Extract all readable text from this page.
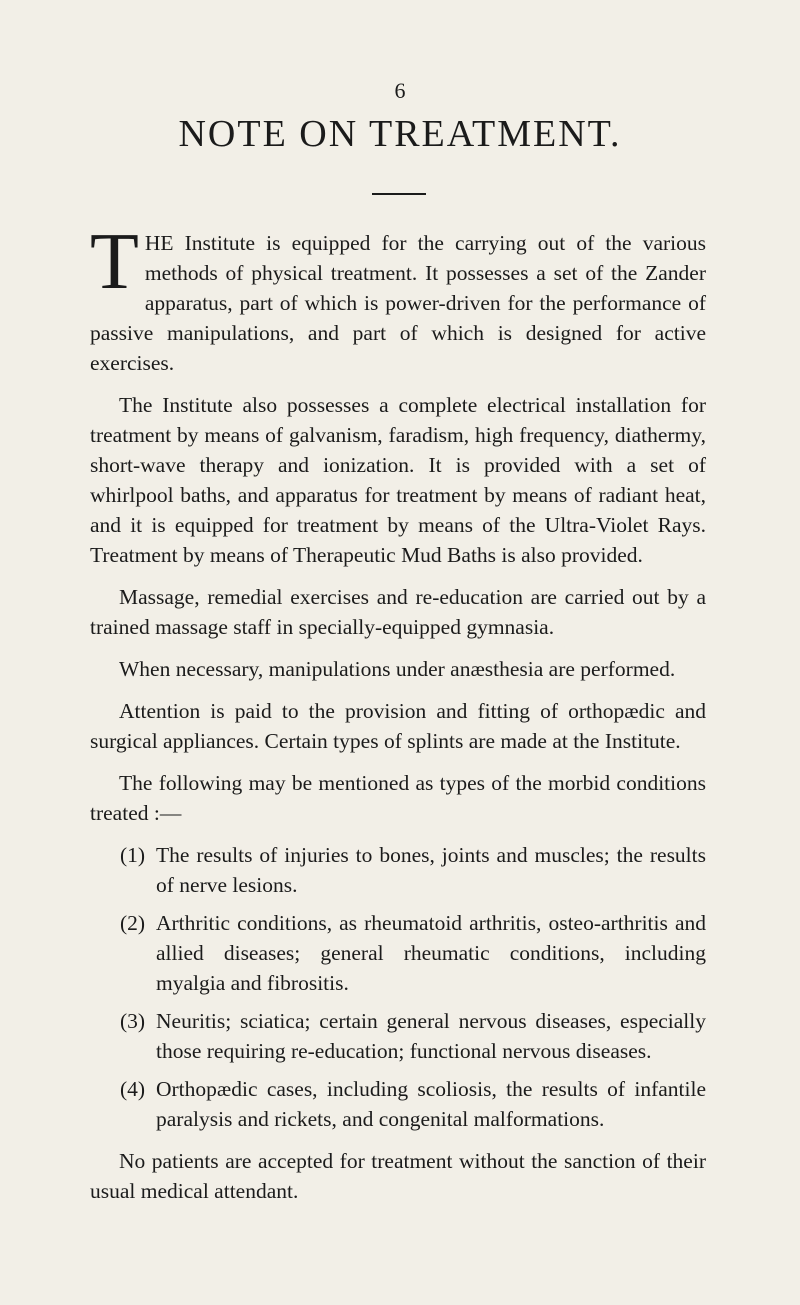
6
NOTE ON TREATMENT.

THE Institute is equipped for the carrying out of the various methods of physical treatment. It possesses a set of the Zander apparatus, part of which is power-driven for the performance of passive manipulations, and part of which is designed for active exercises.

The Institute also possesses a complete electrical installation for treatment by means of galvanism, faradism, high frequency, diathermy, short-wave therapy and ionization. It is provided with a set of whirlpool baths, and apparatus for treatment by means of radiant heat, and it is equipped for treatment by means of the Ultra-Violet Rays. Treatment by means of Therapeutic Mud Baths is also provided.

Massage, remedial exercises and re-education are carried out by a trained massage staff in specially-equipped gymnasia.

When necessary, manipulations under anæsthesia are performed.

Attention is paid to the provision and fitting of orthopædic and surgical appliances. Certain types of splints are made at the Institute.

The following may be mentioned as types of the morbid conditions treated :—

(1) The results of injuries to bones, joints and muscles; the results of nerve lesions.
(2) Arthritic conditions, as rheumatoid arthritis, osteo-arthritis and allied diseases; general rheumatic conditions, including myalgia and fibrositis.
(3) Neuritis; sciatica; certain general nervous diseases, especially those requiring re-education; functional nervous diseases.
(4) Orthopædic cases, including scoliosis, the results of infantile paralysis and rickets, and congenital malformations.

No patients are accepted for treatment without the sanction of their usual medical attendant.
